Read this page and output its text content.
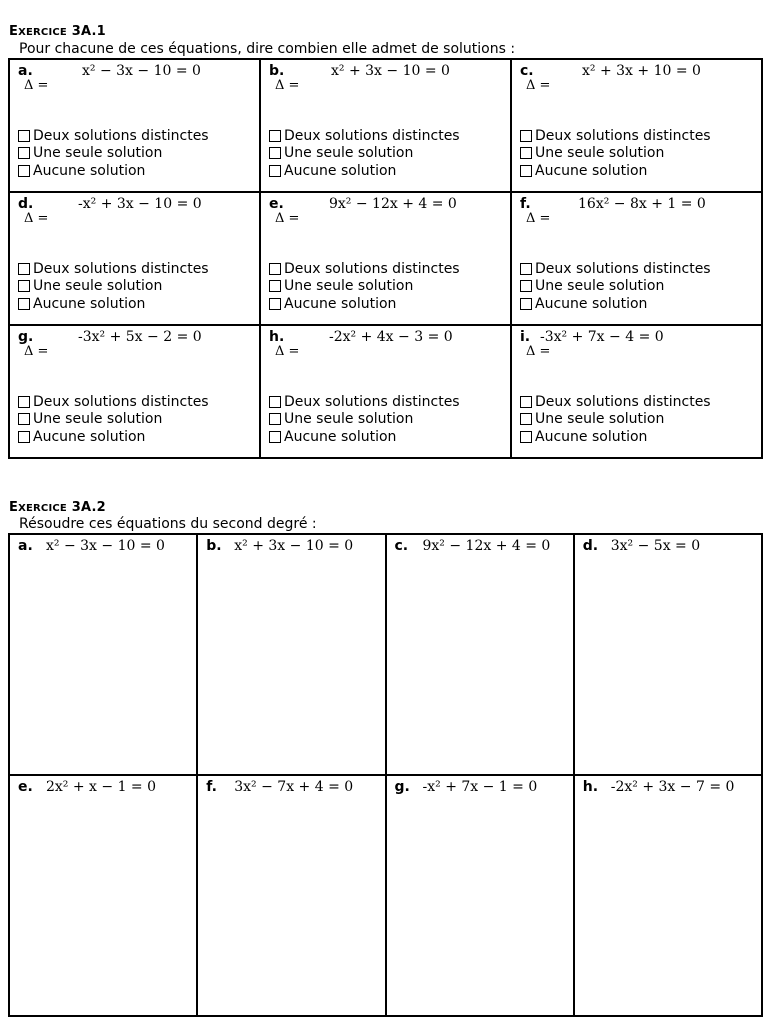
EXERCICE 3A.1
Pour chacune de ces équations, dire combien elle admet de solutions :
a.	x² − 3x − 10 = 0
Δ =
Deux solutions distinctes
Une seule solution
Aucune solution
b.	x² + 3x − 10 = 0
Δ =
Deux solutions distinctes
Une seule solution
Aucune solution
c.	x² + 3x + 10 = 0
Δ =
Deux solutions distinctes
Une seule solution
Aucune solution
d.	-x² + 3x − 10 = 0
Δ =
Deux solutions distinctes
Une seule solution
Aucune solution
e.	9x² − 12x + 4 = 0
Δ =
Deux solutions distinctes
Une seule solution
Aucune solution
f.	16x² − 8x + 1 = 0
Δ =
Deux solutions distinctes
Une seule solution
Aucune solution
g.	-3x² + 5x − 2 = 0
Δ =
Deux solutions distinctes
Une seule solution
Aucune solution
h.	-2x² + 4x − 3 = 0
Δ =
Deux solutions distinctes
Une seule solution
Aucune solution
i. -3x² + 7x − 4 = 0
Δ =
Deux solutions distinctes
Une seule solution
Aucune solution
EXERCICE 3A.2
Résoudre ces équations du second degré :
a. x² − 3x − 10 = 0	b. x² + 3x − 10 = 0	c. 9x² − 12x + 4 = 0 d. 3x² − 5x = 0
e. 2x² + x − 1 = 0	f. 3x² − 7x + 4 = 0	g. -x² + 7x − 1 = 0	h. -2x² + 3x − 7 = 0
